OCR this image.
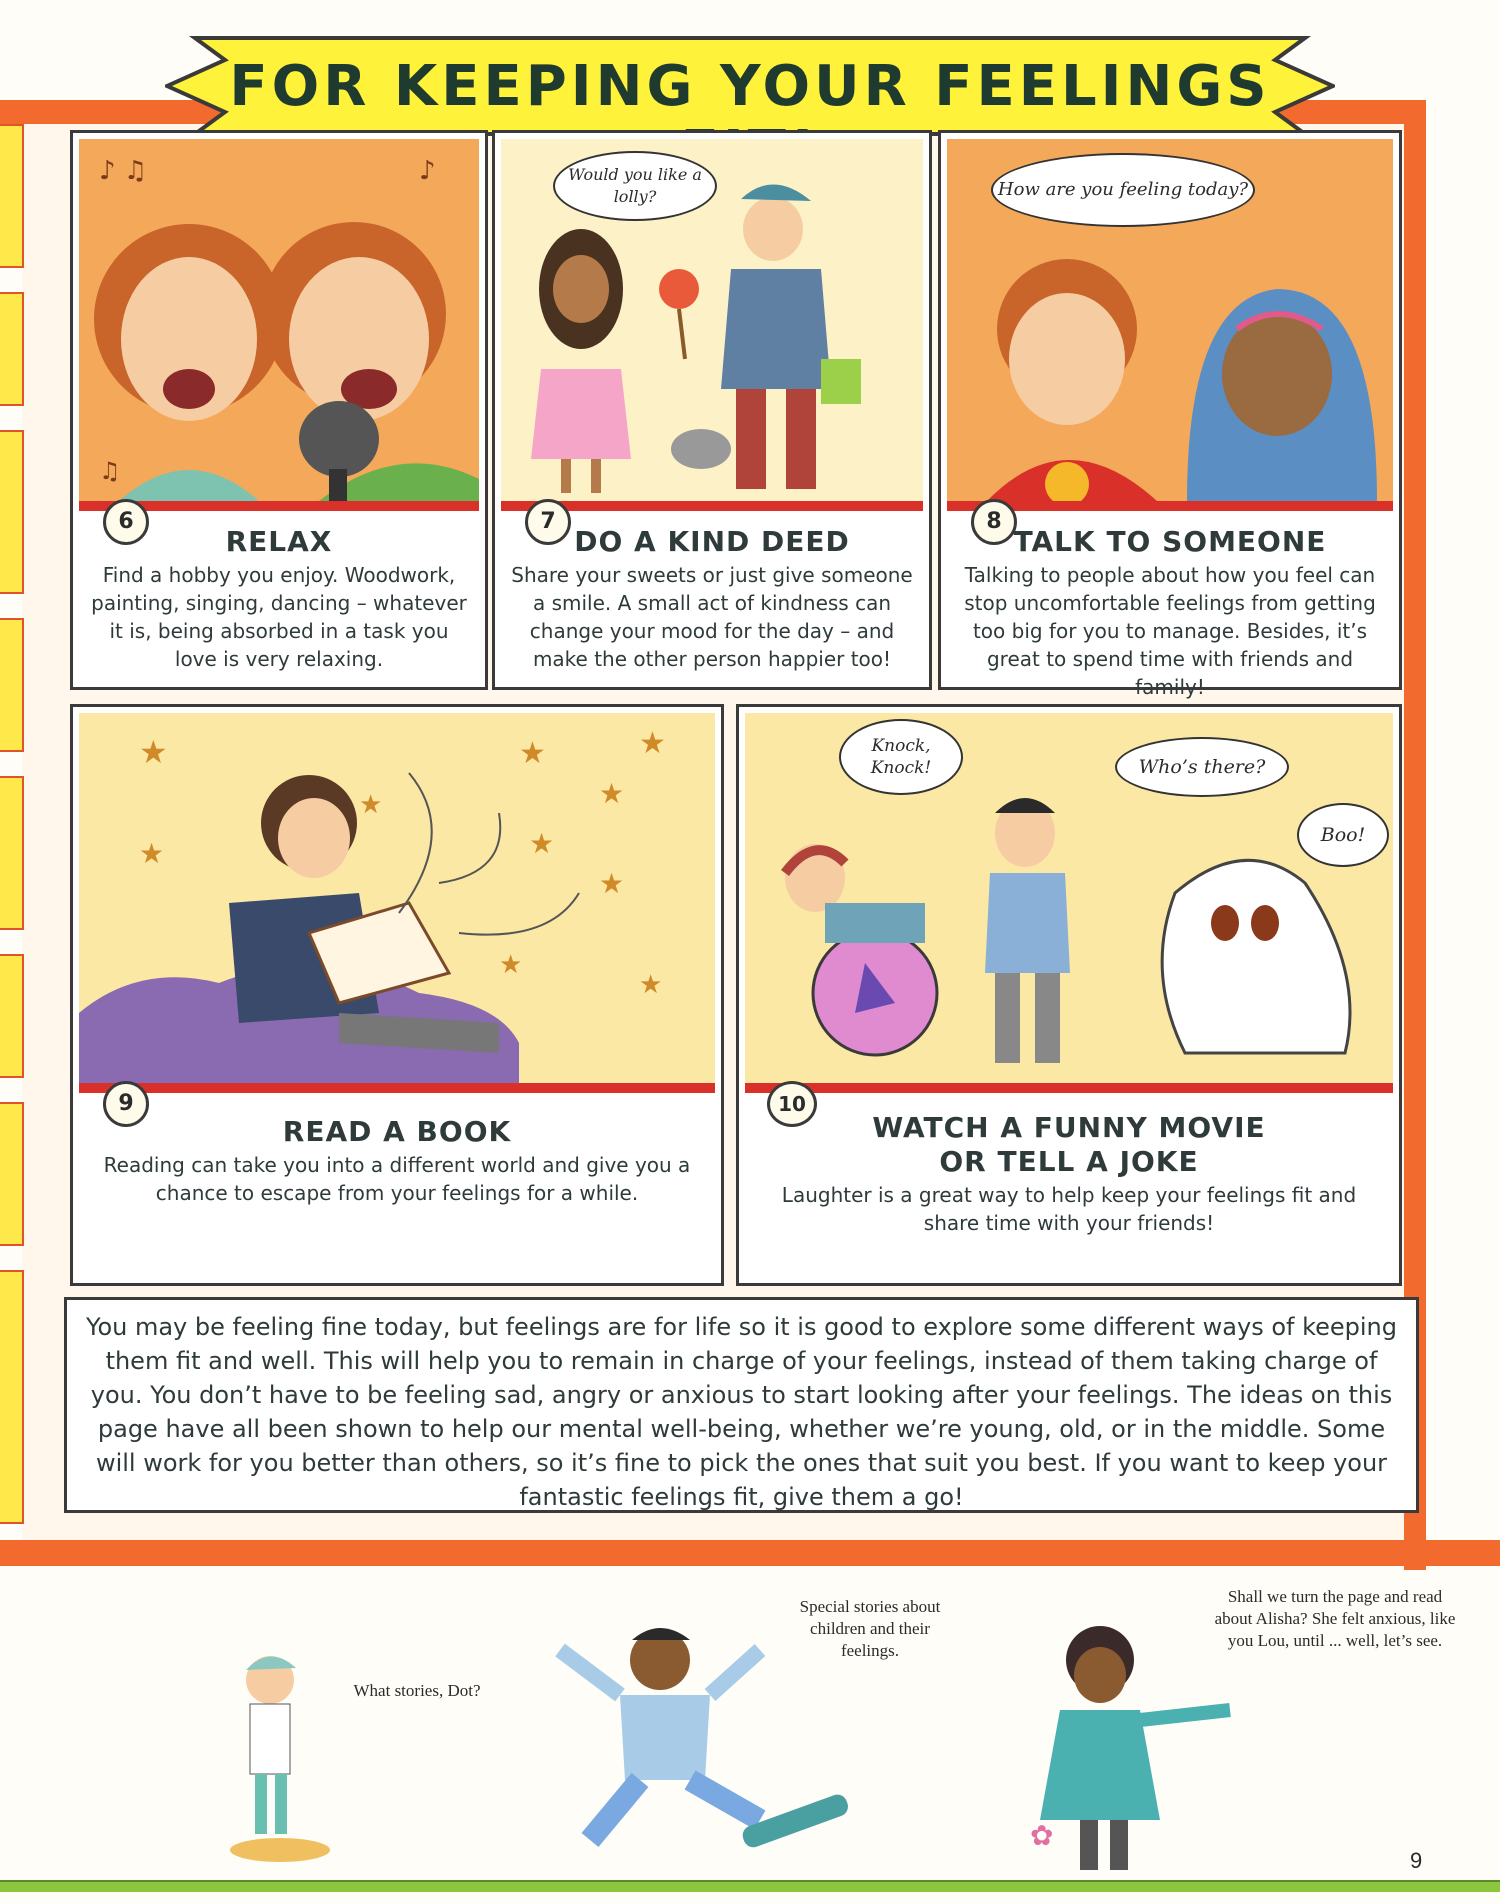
FOR KEEPING YOUR FEELINGS
♪ ♫
♫
♪
6
RELAX
Find a hobby you enjoy. Woodwork, painting, singing, dancing – whatever it is, being absorbed in a task you love is very relaxing.
Would you like a lolly?
7
DO A KIND DEED
Share your sweets or just give someone a smile. A small act of kindness can change your mood for the day – and make the other person happier too!
How are you feeling today?
8
TALK TO SOMEONE
Talking to people about how you feel can stop uncomfortable feelings from getting too big for you to manage. Besides, it’s great to spend time with friends and family!
★	★	★
★
★
★
★
★
★
★
9
READ A BOOK
Reading can take you into a different world and give you a chance to escape from your feelings for a while.
Knock, Knock!	Who’s there?
Boo!
10
WATCH A FUNNY MOVIE
OR TELL A JOKE
Laughter is a great way to help keep your feelings fit and share time with your friends!
You may be feeling fine today, but feelings are for life so it is good to explore some different ways of keeping them fit and well. This will help you to remain in charge of your feelings, instead of them taking charge of you. You don’t have to be feeling sad, angry or anxious to start looking after your feelings. The ideas on this page have all been shown to help our mental well-being, whether we’re young, old, or in the middle. Some will work for you better than others, so it’s fine to pick the ones that suit you best. If you want to keep your fantastic feelings fit, give them a go!
✿
What stories, Dot?
Special stories about children and their feelings.
Shall we turn the page and read about Alisha? She felt anxious, like you Lou, until ... well, let’s see.
9
